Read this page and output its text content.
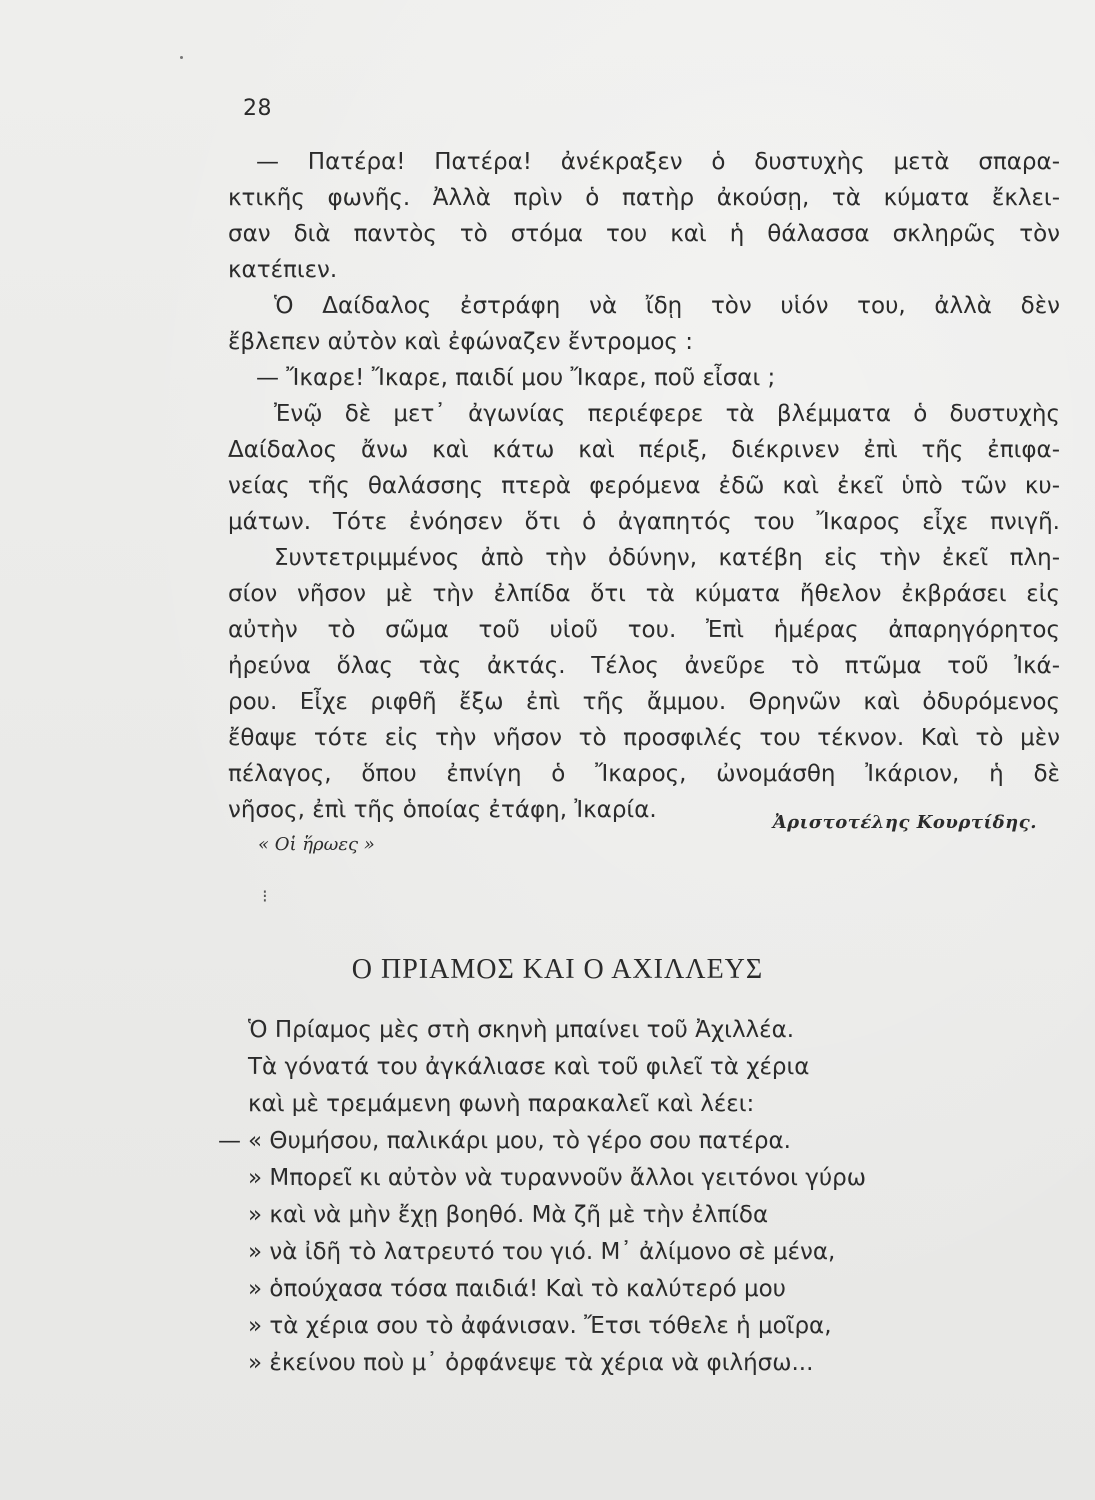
28
— Πατέρα! Πατέρα! ἀνέκραξεν ὁ δυστυχὴς μετὰ σπαρα-
κτικῆς φωνῆς. Ἀλλὰ πρὶν ὁ πατὴρ ἀκούσῃ, τὰ κύματα ἔκλει-
σαν διὰ παντὸς τὸ στόμα του καὶ ἡ θάλασσα σκληρῶς τὸν
κατέπιεν.
Ὁ Δαίδαλος ἐστράφη νὰ ἴδῃ τὸν υἱόν του, ἀλλὰ δὲν
ἔβλεπεν αὐτὸν καὶ ἐφώναζεν ἔντρομος :
— Ἴκαρε! Ἴκαρε, παιδί μου Ἴκαρε, ποῦ εἶσαι ;
Ἐνῷ δὲ μετ᾽ ἀγωνίας περιέφερε τὰ βλέμματα ὁ δυστυχὴς
Δαίδαλος ἄνω καὶ κάτω καὶ πέριξ, διέκρινεν ἐπὶ τῆς ἐπιφα-
νείας τῆς θαλάσσης πτερὰ φερόμενα ἐδῶ καὶ ἐκεῖ ὑπὸ τῶν κυ-
μάτων. Τότε ἐνόησεν ὅτι ὁ ἀγαπητός του Ἴκαρος εἶχε πνιγῆ.
Συντετριμμένος ἀπὸ τὴν ὀδύνην, κατέβη εἰς τὴν ἐκεῖ πλη-
σίον νῆσον μὲ τὴν ἐλπίδα ὅτι τὰ κύματα ἤθελον ἐκβράσει εἰς
αὐτὴν τὸ σῶμα τοῦ υἱοῦ του. Ἐπὶ ἡμέρας ἀπαρηγόρητος
ἠρεύνα ὅλας τὰς ἀκτάς. Τέλος ἀνεῦρε τὸ πτῶμα τοῦ Ἰκά-
ρου. Εἶχε ριφθῆ ἔξω ἐπὶ τῆς ἄμμου. Θρηνῶν καὶ ὀδυρόμενος
ἔθαψε τότε εἰς τὴν νῆσον τὸ προσφιλές του τέκνον. Καὶ τὸ μὲν
πέλαγος, ὅπου ἐπνίγη ὁ Ἴκαρος, ὠνομάσθη Ἰκάριον, ἡ δὲ
νῆσος, ἐπὶ τῆς ὁποίας ἐτάφη, Ἰκαρία.	Ἀριστοτέλης Κουρτίδης.
« Οἱ ἥρωες »
⁝
Ο ΠΡΙΑΜΟΣ ΚΑΙ Ο ΑΧΙΛΛΕΥΣ
Ὁ Πρίαμος μὲς στὴ σκηνὴ μπαίνει τοῦ Ἀχιλλέα.
Τὰ γόνατά του ἀγκάλιασε καὶ τοῦ φιλεῖ τὰ χέρια
καὶ μὲ τρεμάμενη φωνὴ παρακαλεῖ καὶ λέει:
— « Θυμήσου, παλικάρι μου, τὸ γέρο σου πατέρα.
» Μπορεῖ κι αὐτὸν νὰ τυραννοῦν ἄλλοι γειτόνοι γύρω
» καὶ νὰ μὴν ἔχῃ βοηθό. Μὰ ζῆ μὲ τὴν ἐλπίδα
» νὰ ἰδῆ τὸ λατρευτό του γιό. Μ᾽ ἀλίμονο σὲ μένα,
» ὁπούχασα τόσα παιδιά! Καὶ τὸ καλύτερό μου
» τὰ χέρια σου τὸ ἀφάνισαν. Ἔτσι τόθελε ἡ μοῖρα,
» ἐκείνου ποὺ μ᾽ ὀρφάνεψε τὰ χέρια νὰ φιλήσω...
